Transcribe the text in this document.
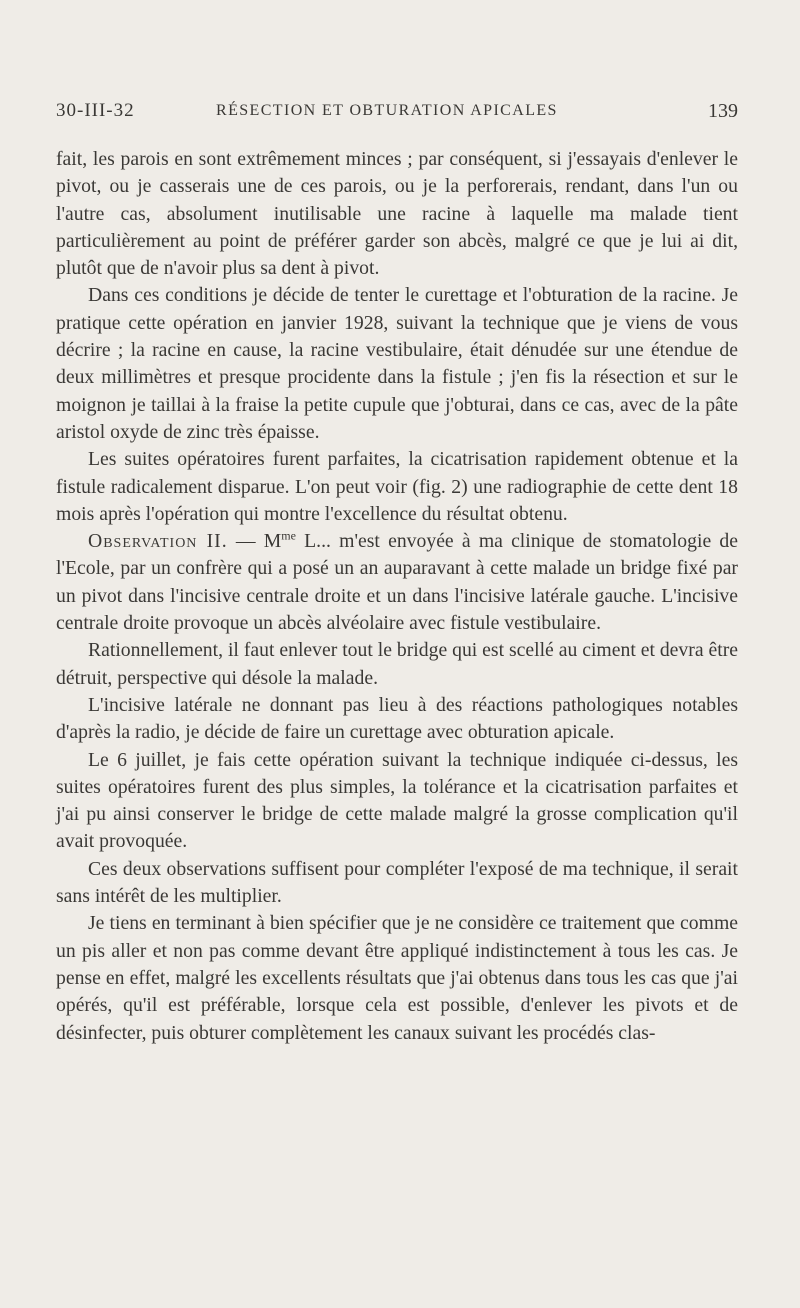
30-III-32	RÉSECTION ET OBTURATION APICALES	139

fait, les parois en sont extrêmement minces ; par conséquent, si j'essayais d'enlever le pivot, ou je casserais une de ces parois, ou je la perforerais, rendant, dans l'un ou l'autre cas, absolument inutilisable une racine à laquelle ma malade tient particulièrement au point de préférer garder son abcès, malgré ce que je lui ai dit, plutôt que de n'avoir plus sa dent à pivot.

Dans ces conditions je décide de tenter le curettage et l'obturation de la racine. Je pratique cette opération en janvier 1928, suivant la technique que je viens de vous décrire ; la racine en cause, la racine vestibulaire, était dénudée sur une étendue de deux millimètres et presque procidente dans la fistule ; j'en fis la résection et sur le moignon je taillai à la fraise la petite cupule que j'obturai, dans ce cas, avec de la pâte aristol oxyde de zinc très épaisse.

Les suites opératoires furent parfaites, la cicatrisation rapidement obtenue et la fistule radicalement disparue. L'on peut voir (fig. 2) une radiographie de cette dent 18 mois après l'opération qui montre l'excellence du résultat obtenu.

Observation II. — $M^{me}$ L... m'est envoyée à ma clinique de stomatologie de l'Ecole, par un confrère qui a posé un an auparavant à cette malade un bridge fixé par un pivot dans l'incisive centrale droite et un dans l'incisive latérale gauche. L'incisive centrale droite provoque un abcès alvéolaire avec fistule vestibulaire.

Rationnellement, il faut enlever tout le bridge qui est scellé au ciment et devra être détruit, perspective qui désole la malade.

L'incisive latérale ne donnant pas lieu à des réactions pathologiques notables d'après la radio, je décide de faire un curettage avec obturation apicale.

Le 6 juillet, je fais cette opération suivant la technique indiquée ci-dessus, les suites opératoires furent des plus simples, la tolérance et la cicatrisation parfaites et j'ai pu ainsi conserver le bridge de cette malade malgré la grosse complication qu'il avait provoquée.

Ces deux observations suffisent pour compléter l'exposé de ma technique, il serait sans intérêt de les multiplier.

Je tiens en terminant à bien spécifier que je ne considère ce traitement que comme un pis aller et non pas comme devant être appliqué indistinctement à tous les cas. Je pense en effet, malgré les excellents résultats que j'ai obtenus dans tous les cas que j'ai opérés, qu'il est préférable, lorsque cela est possible, d'enlever les pivots et de désinfecter, puis obturer complètement les canaux suivant les procédés clas-
